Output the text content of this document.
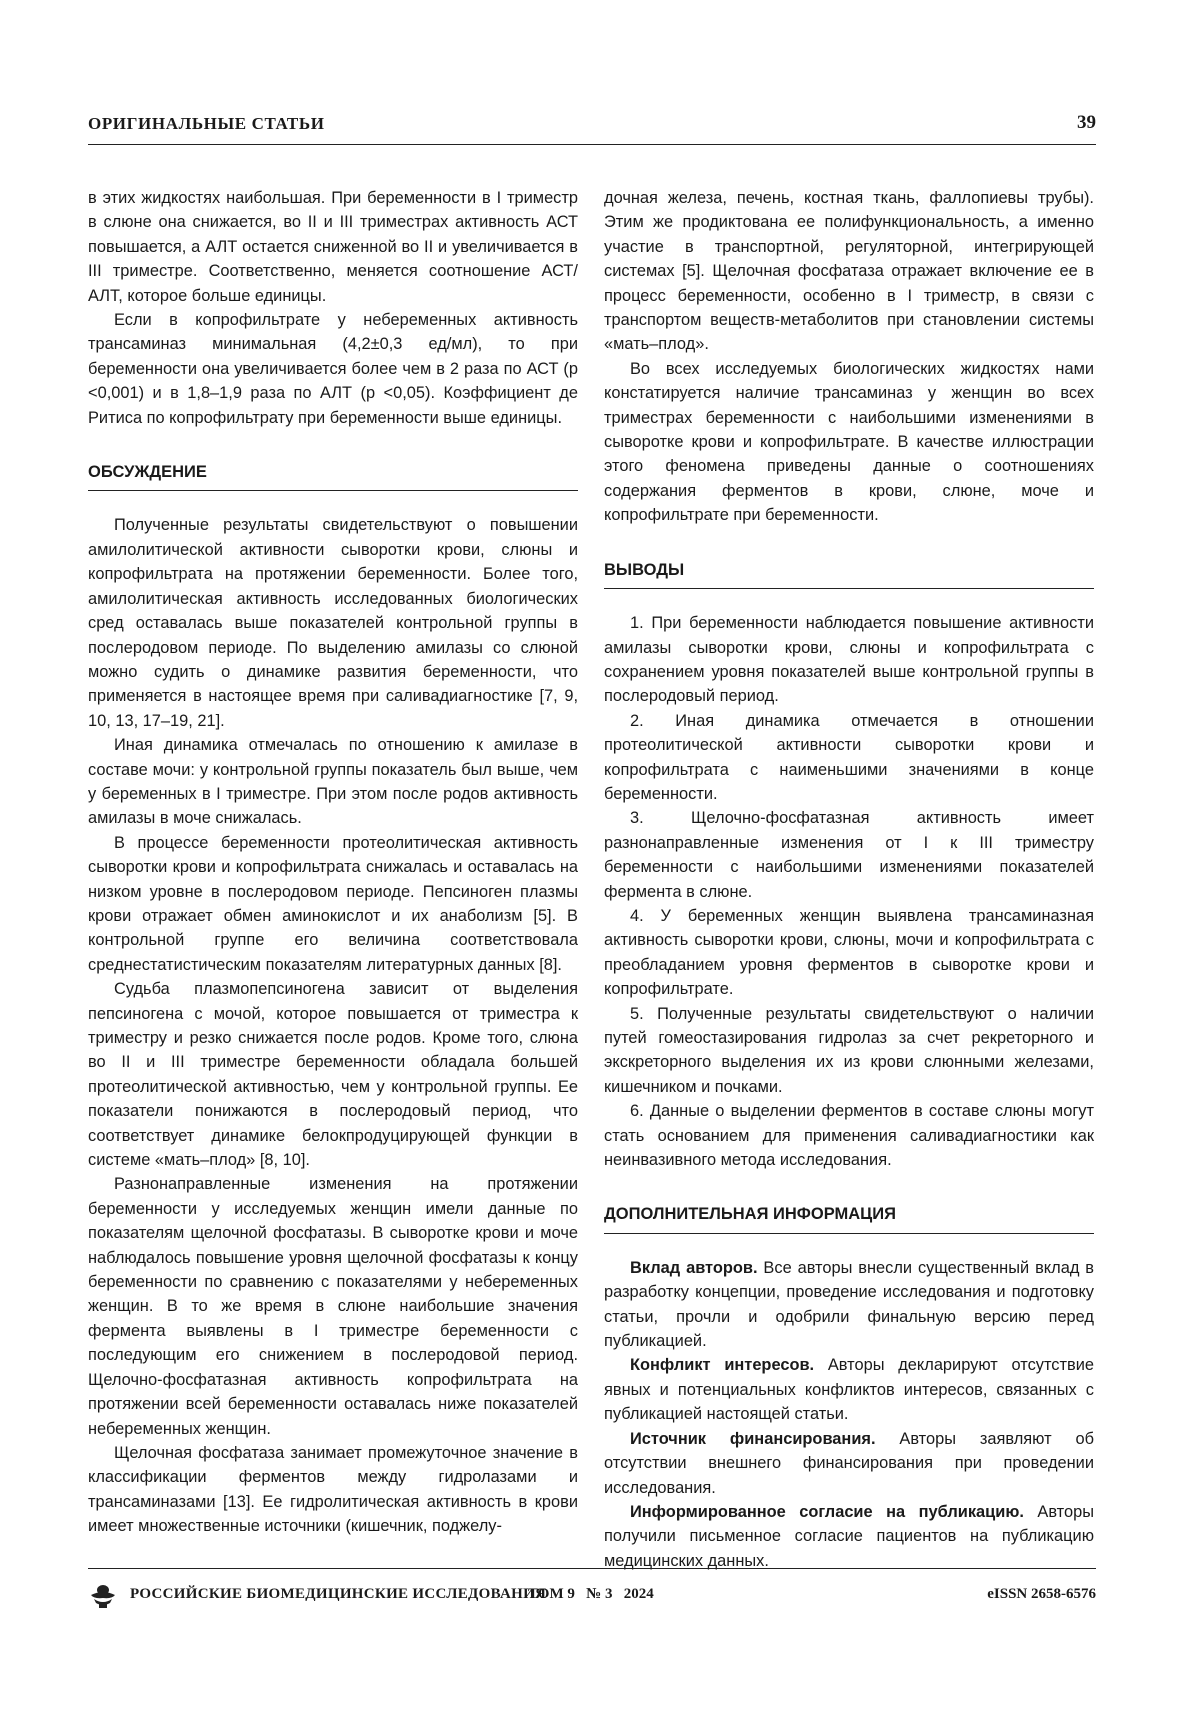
ОРИГИНАЛЬНЫЕ СТАТЬИ	39

в этих жидкостях наибольшая. При беременности в I триместр в слюне она снижается, во II и III триместрах активность АСТ повышается, а АЛТ остается сниженной во II и увеличивается в III триместре. Соответственно, меняется соотношение АСТ/АЛТ, которое больше единицы.

Если в копрофильтрате у небеременных активность трансаминаз минимальная (4,2±0,3 ед/мл), то при беременности она увеличивается более чем в 2 раза по АСТ (р <0,001) и в 1,8–1,9 раза по АЛТ (р <0,05). Коэффициент де Ритиса по копрофильтрату при беременности выше единицы.

ОБСУЖДЕНИЕ

Полученные результаты свидетельствуют о повышении амилолитической активности сыворотки крови, слюны и копрофильтрата на протяжении беременности. Более того, амилолитическая активность исследованных биологических сред оставалась выше показателей контрольной группы в послеродовом периоде. По выделению амилазы со слюной можно судить о динамике развития беременности, что применяется в настоящее время при саливадиагностике [7, 9, 10, 13, 17–19, 21].

Иная динамика отмечалась по отношению к амилазе в составе мочи: у контрольной группы показатель был выше, чем у беременных в I триместре. При этом после родов активность амилазы в моче снижалась.

В процессе беременности протеолитическая активность сыворотки крови и копрофильтрата снижалась и оставалась на низком уровне в послеродовом периоде. Пепсиноген плазмы крови отражает обмен аминокислот и их анаболизм [5]. В контрольной группе его величина соответствовала среднестатистическим показателям литературных данных [8].

Судьба плазмопепсиногена зависит от выделения пепсиногена с мочой, которое повышается от триместра к триместру и резко снижается после родов. Кроме того, слюна во II и III триместре беременности обладала большей протеолитической активностью, чем у контрольной группы. Ее показатели понижаются в послеродовый период, что соответствует динамике белокпродуцирующей функции в системе «мать–плод» [8, 10].

Разнонаправленные изменения на протяжении беременности у исследуемых женщин имели данные по показателям щелочной фосфатазы. В сыворотке крови и моче наблюдалось повышение уровня щелочной фосфатазы к концу беременности по сравнению с показателями у небеременных женщин. В то же время в слюне наибольшие значения фермента выявлены в I триместре беременности с последующим его снижением в послеродовой период. Щелочно-фосфатазная активность копрофильтрата на протяжении всей беременности оставалась ниже показателей небеременных женщин.

Щелочная фосфатаза занимает промежуточное значение в классификации ферментов между гидролазами и трансаминазами [13]. Ее гидролитическая активность в крови имеет множественные источники (кишечник, поджелу-

дочная железа, печень, костная ткань, фаллопиевы трубы). Этим же продиктована ее полифункциональность, а именно участие в транспортной, регуляторной, интегрирующей системах [5]. Щелочная фосфатаза отражает включение ее в процесс беременности, особенно в I триместр, в связи с транспортом веществ-метаболитов при становлении системы «мать–плод».

Во всех исследуемых биологических жидкостях нами констатируется наличие трансаминаз у женщин во всех триместрах беременности с наибольшими изменениями в сыворотке крови и копрофильтрате. В качестве иллюстрации этого феномена приведены данные о соотношениях содержания ферментов в крови, слюне, моче и копрофильтрате при беременности.

ВЫВОДЫ

1. При беременности наблюдается повышение активности амилазы сыворотки крови, слюны и копрофильтрата с сохранением уровня показателей выше контрольной группы в послеродовый период.

2. Иная динамика отмечается в отношении протеолитической активности сыворотки крови и копрофильтрата с наименьшими значениями в конце беременности.

3. Щелочно-фосфатазная активность имеет разнонаправленные изменения от I к III триместру беременности с наибольшими изменениями показателей фермента в слюне.

4. У беременных женщин выявлена трансаминазная активность сыворотки крови, слюны, мочи и копрофильтрата с преобладанием уровня ферментов в сыворотке крови и копрофильтрате.

5. Полученные результаты свидетельствуют о наличии путей гомеостазирования гидролаз за счет рекреторного и экскреторного выделения их из крови слюнными железами, кишечником и почками.

6. Данные о выделении ферментов в составе слюны могут стать основанием для применения саливадиагностики как неинвазивного метода исследования.

ДОПОЛНИТЕЛЬНАЯ ИНФОРМАЦИЯ

Вклад авторов. Все авторы внесли существенный вклад в разработку концепции, проведение исследования и подготовку статьи, прочли и одобрили финальную версию перед публикацией.

Конфликт интересов. Авторы декларируют отсутствие явных и потенциальных конфликтов интересов, связанных с публикацией настоящей статьи.

Источник финансирования. Авторы заявляют об отсутствии внешнего финансирования при проведении исследования.

Информированное согласие на публикацию. Авторы получили письменное согласие пациентов на публикацию медицинских данных.

РОССИЙСКИЕ БИОМЕДИЦИНСКИЕ ИССЛЕДОВАНИЯ
ТОМ 9   № 3   2024	eISSN 2658-6576
